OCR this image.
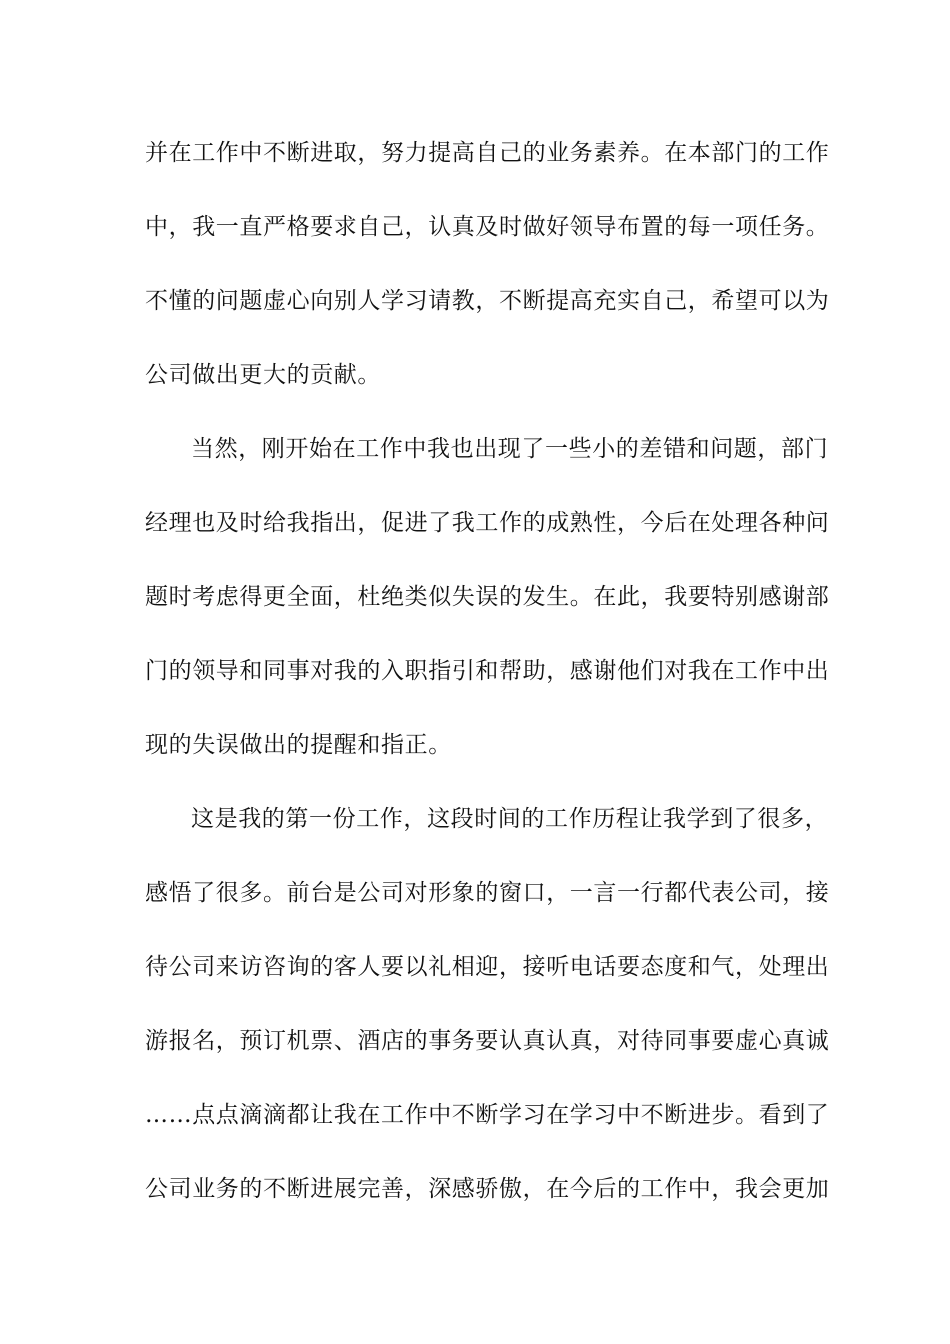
并在工作中不断进取，努力提高自己的业务素养。在本部门的工作
中，我一直严格要求自己，认真及时做好领导布置的每一项任务。
不懂的问题虚心向别人学习请教，不断提高充实自己，希望可以为
公司做出更大的贡献。
当然，刚开始在工作中我也出现了一些小的差错和问题，部门
经理也及时给我指出，促进了我工作的成熟性，今后在处理各种问
题时考虑得更全面，杜绝类似失误的发生。在此，我要特别感谢部
门的领导和同事对我的入职指引和帮助，感谢他们对我在工作中出
现的失误做出的提醒和指正。
这是我的第一份工作，这段时间的工作历程让我学到了很多，
感悟了很多。前台是公司对形象的窗口，一言一行都代表公司，接
待公司来访咨询的客人要以礼相迎，接听电话要态度和气，处理出
游报名，预订机票、酒店的事务要认真认真，对待同事要虚心真诚
……点点滴滴都让我在工作中不断学习在学习中不断进步。看到了
公司业务的不断进展完善，深感骄傲，在今后的工作中，我会更加
